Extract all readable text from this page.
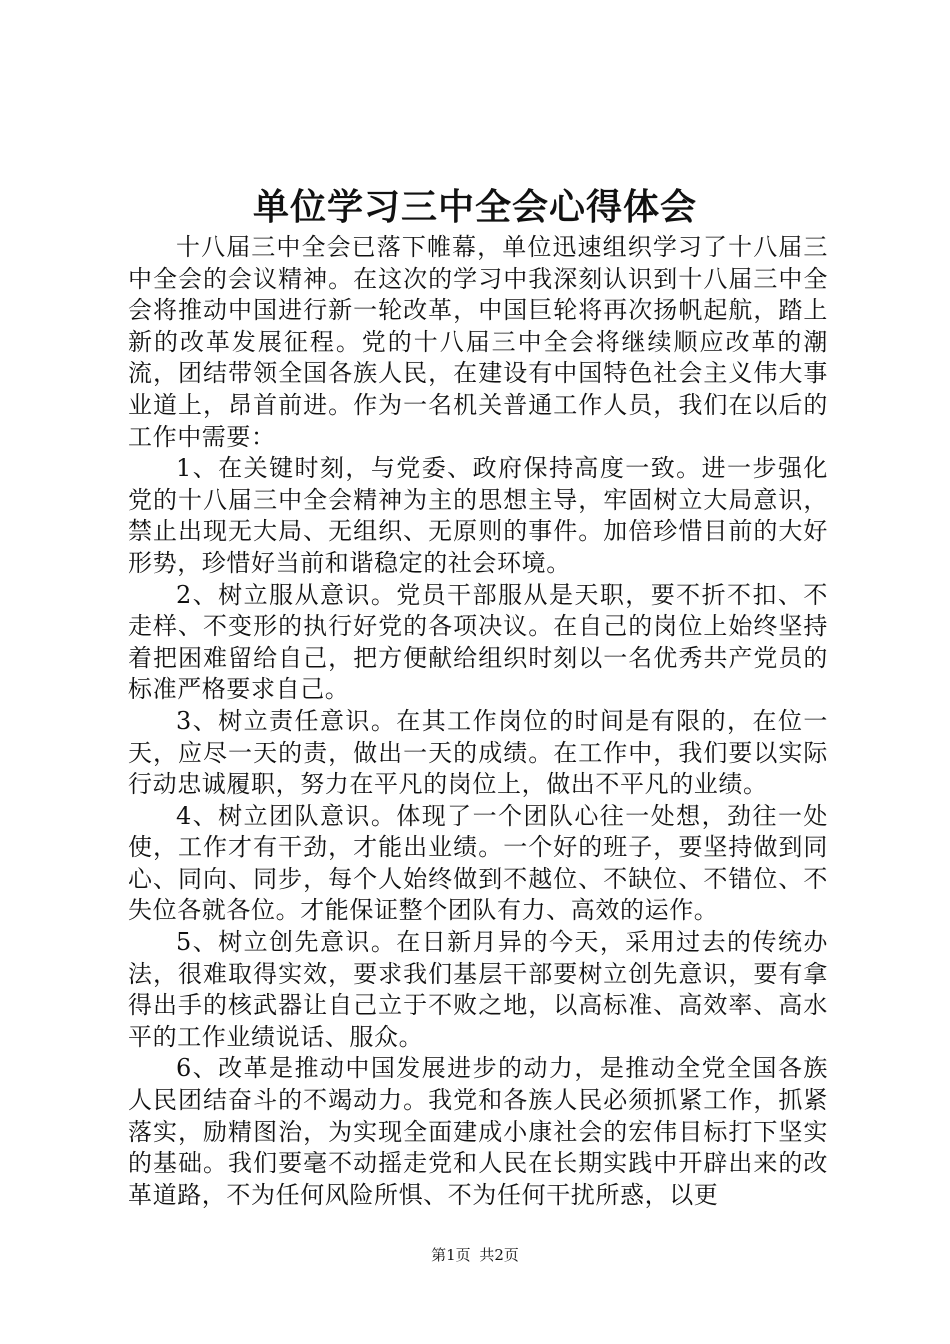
单位学习三中全会心得体会

十八届三中全会已落下帷幕，单位迅速组织学习了十八届三中全会的会议精神。在这次的学习中我深刻认识到十八届三中全会将推动中国进行新一轮改革，中国巨轮将再次扬帆起航，踏上新的改革发展征程。党的十八届三中全会将继续顺应改革的潮流，团结带领全国各族人民，在建设有中国特色社会主义伟大事业道上，昂首前进。作为一名机关普通工作人员，我们在以后的工作中需要：

1、在关键时刻，与党委、政府保持高度一致。进一步强化党的十八届三中全会精神为主的思想主导，牢固树立大局意识，禁止出现无大局、无组织、无原则的事件。加倍珍惜目前的大好形势，珍惜好当前和谐稳定的社会环境。

2、树立服从意识。党员干部服从是天职，要不折不扣、不走样、不变形的执行好党的各项决议。在自己的岗位上始终坚持着把困难留给自己，把方便献给组织时刻以一名优秀共产党员的标准严格要求自己。

3、树立责任意识。在其工作岗位的时间是有限的，在位一天，应尽一天的责，做出一天的成绩。在工作中，我们要以实际行动忠诚履职，努力在平凡的岗位上，做出不平凡的业绩。

4、树立团队意识。体现了一个团队心往一处想，劲往一处使，工作才有干劲，才能出业绩。一个好的班子，要坚持做到同心、同向、同步，每个人始终做到不越位、不缺位、不错位、不失位各就各位。才能保证整个团队有力、高效的运作。

5、树立创先意识。在日新月异的今天，采用过去的传统办法，很难取得实效，要求我们基层干部要树立创先意识，要有拿得出手的核武器让自己立于不败之地，以高标准、高效率、高水平的工作业绩说话、服众。

6、改革是推动中国发展进步的动力，是推动全党全国各族人民团结奋斗的不竭动力。我党和各族人民必须抓紧工作，抓紧落实，励精图治，为实现全面建成小康社会的宏伟目标打下坚实的基础。我们要毫不动摇走党和人民在长期实践中开辟出来的改革道路，不为任何风险所惧、不为任何干扰所惑，以更

第1页 共2页
